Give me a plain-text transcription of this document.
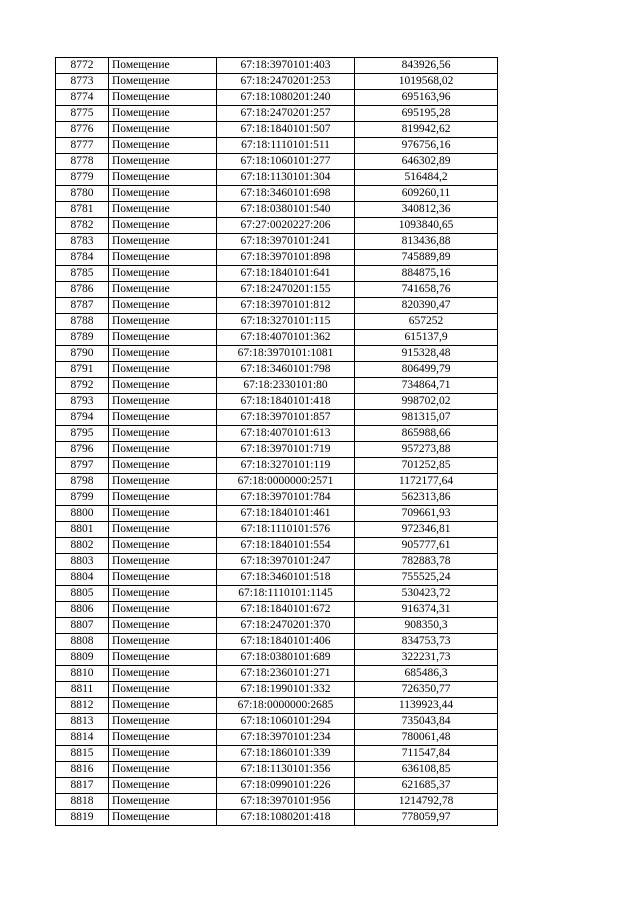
8772	Помещение	67:18:3970101:403	843926,56
8773	Помещение	67:18:2470201:253	1019568,02
8774	Помещение	67:18:1080201:240	695163,96
8775	Помещение	67:18:2470201:257	695195,28
8776	Помещение	67:18:1840101:507	819942,62
8777	Помещение	67:18:1110101:511	976756,16
8778	Помещение	67:18:1060101:277	646302,89
8779	Помещение	67:18:1130101:304	516484,2
8780	Помещение	67:18:3460101:698	609260,11
8781	Помещение	67:18:0380101:540	340812,36
8782	Помещение	67:27:0020227:206	1093840,65
8783	Помещение	67:18:3970101:241	813436,88
8784	Помещение	67:18:3970101:898	745889,89
8785	Помещение	67:18:1840101:641	884875,16
8786	Помещение	67:18:2470201:155	741658,76
8787	Помещение	67:18:3970101:812	820390,47
8788	Помещение	67:18:3270101:115	657252
8789	Помещение	67:18:4070101:362	615137,9
8790	Помещение	67:18:3970101:1081	915328,48
8791	Помещение	67:18:3460101:798	806499,79
8792	Помещение	67:18:2330101:80	734864,71
8793	Помещение	67:18:1840101:418	998702,02
8794	Помещение	67:18:3970101:857	981315,07
8795	Помещение	67:18:4070101:613	865988,66
8796	Помещение	67:18:3970101:719	957273,88
8797	Помещение	67:18:3270101:119	701252,85
8798	Помещение	67:18:0000000:2571	1172177,64
8799	Помещение	67:18:3970101:784	562313,86
8800	Помещение	67:18:1840101:461	709661,93
8801	Помещение	67:18:1110101:576	972346,81
8802	Помещение	67:18:1840101:554	905777,61
8803	Помещение	67:18:3970101:247	782883,78
8804	Помещение	67:18:3460101:518	755525,24
8805	Помещение	67:18:1110101:1145	530423,72
8806	Помещение	67:18:1840101:672	916374,31
8807	Помещение	67:18:2470201:370	908350,3
8808	Помещение	67:18:1840101:406	834753,73
8809	Помещение	67:18:0380101:689	322231,73
8810	Помещение	67:18:2360101:271	685486,3
8811	Помещение	67:18:1990101:332	726350,77
8812	Помещение	67:18:0000000:2685	1139923,44
8813	Помещение	67:18:1060101:294	735043,84
8814	Помещение	67:18:3970101:234	780061,48
8815	Помещение	67:18:1860101:339	711547,84
8816	Помещение	67:18:1130101:356	636108,85
8817	Помещение	67:18:0990101:226	621685,37
8818	Помещение	67:18:3970101:956	1214792,78
8819	Помещение	67:18:1080201:418	778059,97
